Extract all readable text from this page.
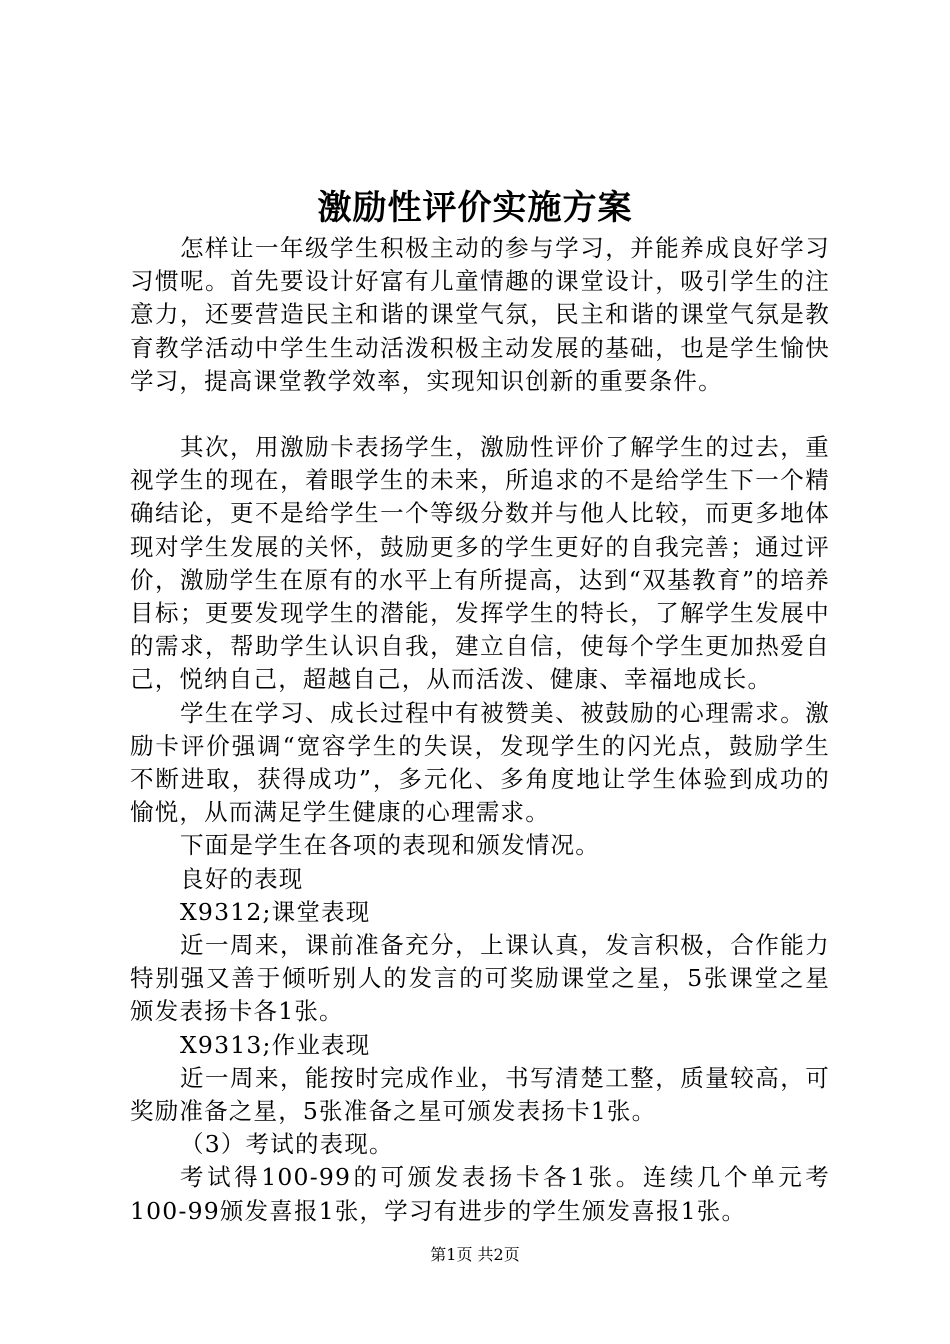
激励性评价实施方案

怎样让一年级学生积极主动的参与学习，并能养成良好学习习惯呢。首先要设计好富有儿童情趣的课堂设计，吸引学生的注意力，还要营造民主和谐的课堂气氛，民主和谐的课堂气氛是教育教学活动中学生生动活泼积极主动发展的基础，也是学生愉快学习，提高课堂教学效率，实现知识创新的重要条件。

其次，用激励卡表扬学生，激励性评价了解学生的过去，重视学生的现在，着眼学生的未来，所追求的不是给学生下一个精确结论，更不是给学生一个等级分数并与他人比较，而更多地体现对学生发展的关怀，鼓励更多的学生更好的自我完善；通过评价，激励学生在原有的水平上有所提高，达到“双基教育”的培养目标；更要发现学生的潜能，发挥学生的特长，了解学生发展中的需求，帮助学生认识自我，建立自信，使每个学生更加热爱自己，悦纳自己，超越自己，从而活泼、健康、幸福地成长。

学生在学习、成长过程中有被赞美、被鼓励的心理需求。激励卡评价强调“宽容学生的失误，发现学生的闪光点，鼓励学生不断进取，获得成功”，多元化、多角度地让学生体验到成功的愉悦，从而满足学生健康的心理需求。

下面是学生在各项的表现和颁发情况。

良好的表现

X9312;课堂表现

近一周来，课前准备充分，上课认真，发言积极，合作能力特别强又善于倾听别人的发言的可奖励课堂之星，5张课堂之星颁发表扬卡各1张。

X9313;作业表现

近一周来，能按时完成作业，书写清楚工整，质量较高，可奖励准备之星，5张准备之星可颁发表扬卡1张。

（3）考试的表现。

考试得100-99的可颁发表扬卡各1张。连续几个单元考100-99颁发喜报1张，学习有进步的学生颁发喜报1张。

第1页 共2页
